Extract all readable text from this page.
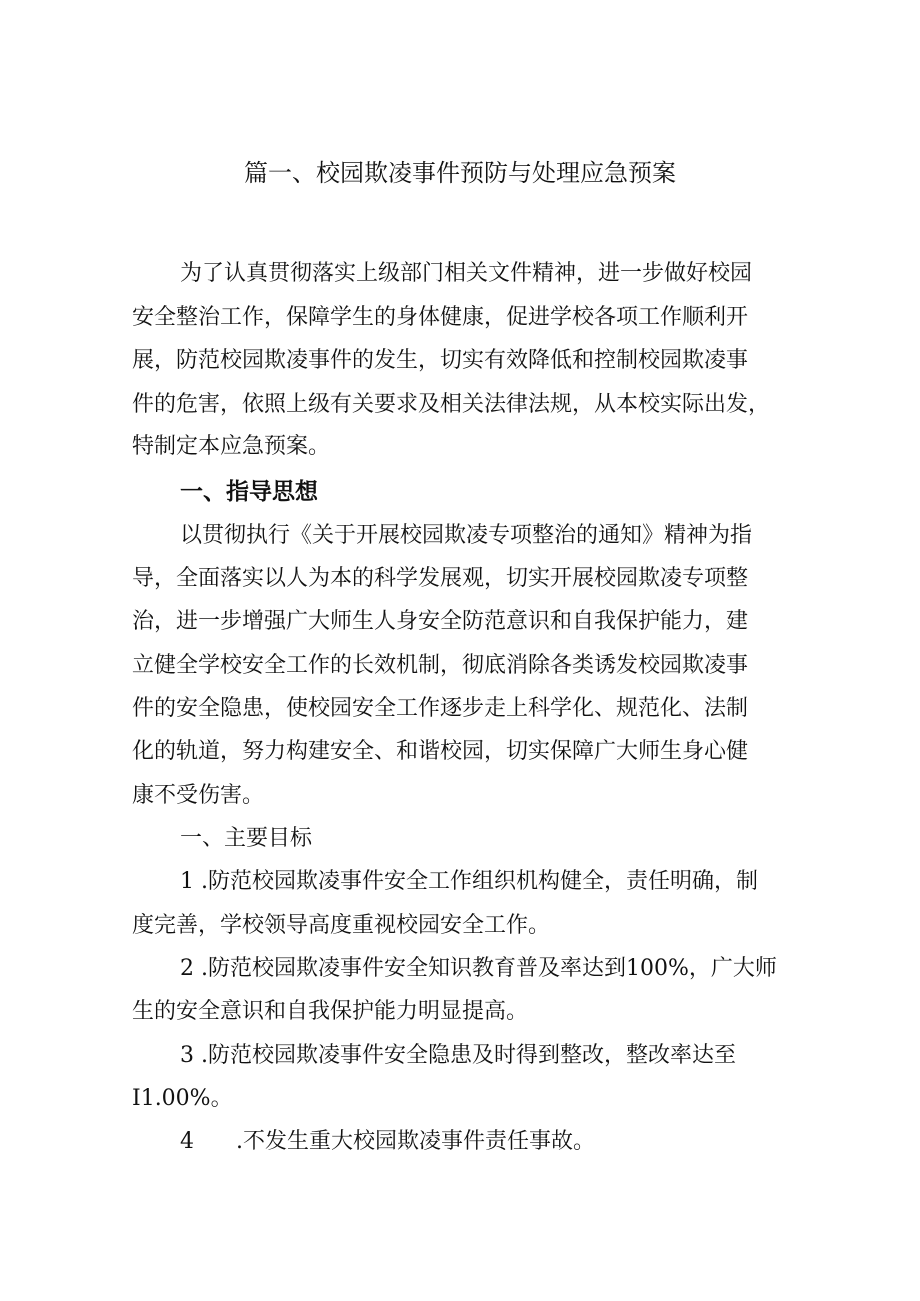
篇一、校园欺凌事件预防与处理应急预案

为了认真贯彻落实上级部门相关文件精神，进一步做好校园

安全整治工作，保障学生的身体健康，促进学校各项工作顺利开

展，防范校园欺凌事件的发生，切实有效降低和控制校园欺凌事

件的危害，依照上级有关要求及相关法律法规，从本校实际出发，

特制定本应急预案。

一、指导思想

以贯彻执行《关于开展校园欺凌专项整治的通知》精神为指

导，全面落实以人为本的科学发展观，切实开展校园欺凌专项整

治，进一步增强广大师生人身安全防范意识和自我保护能力，建

立健全学校安全工作的长效机制，彻底消除各类诱发校园欺凌事

件的安全隐患，使校园安全工作逐步走上科学化、规范化、法制

化的轨道，努力构建安全、和谐校园，切实保障广大师生身心健

康不受伤害。

一、主要目标

1 .防范校园欺凌事件安全工作组织机构健全，责任明确，制

度完善，学校领导高度重视校园安全工作。

2 .防范校园欺凌事件安全知识教育普及率达到100%，广大师

生的安全意识和自我保护能力明显提高。

3 .防范校园欺凌事件安全隐患及时得到整改，整改率达至

I1.00%。

4      .不发生重大校园欺凌事件责任事故。
